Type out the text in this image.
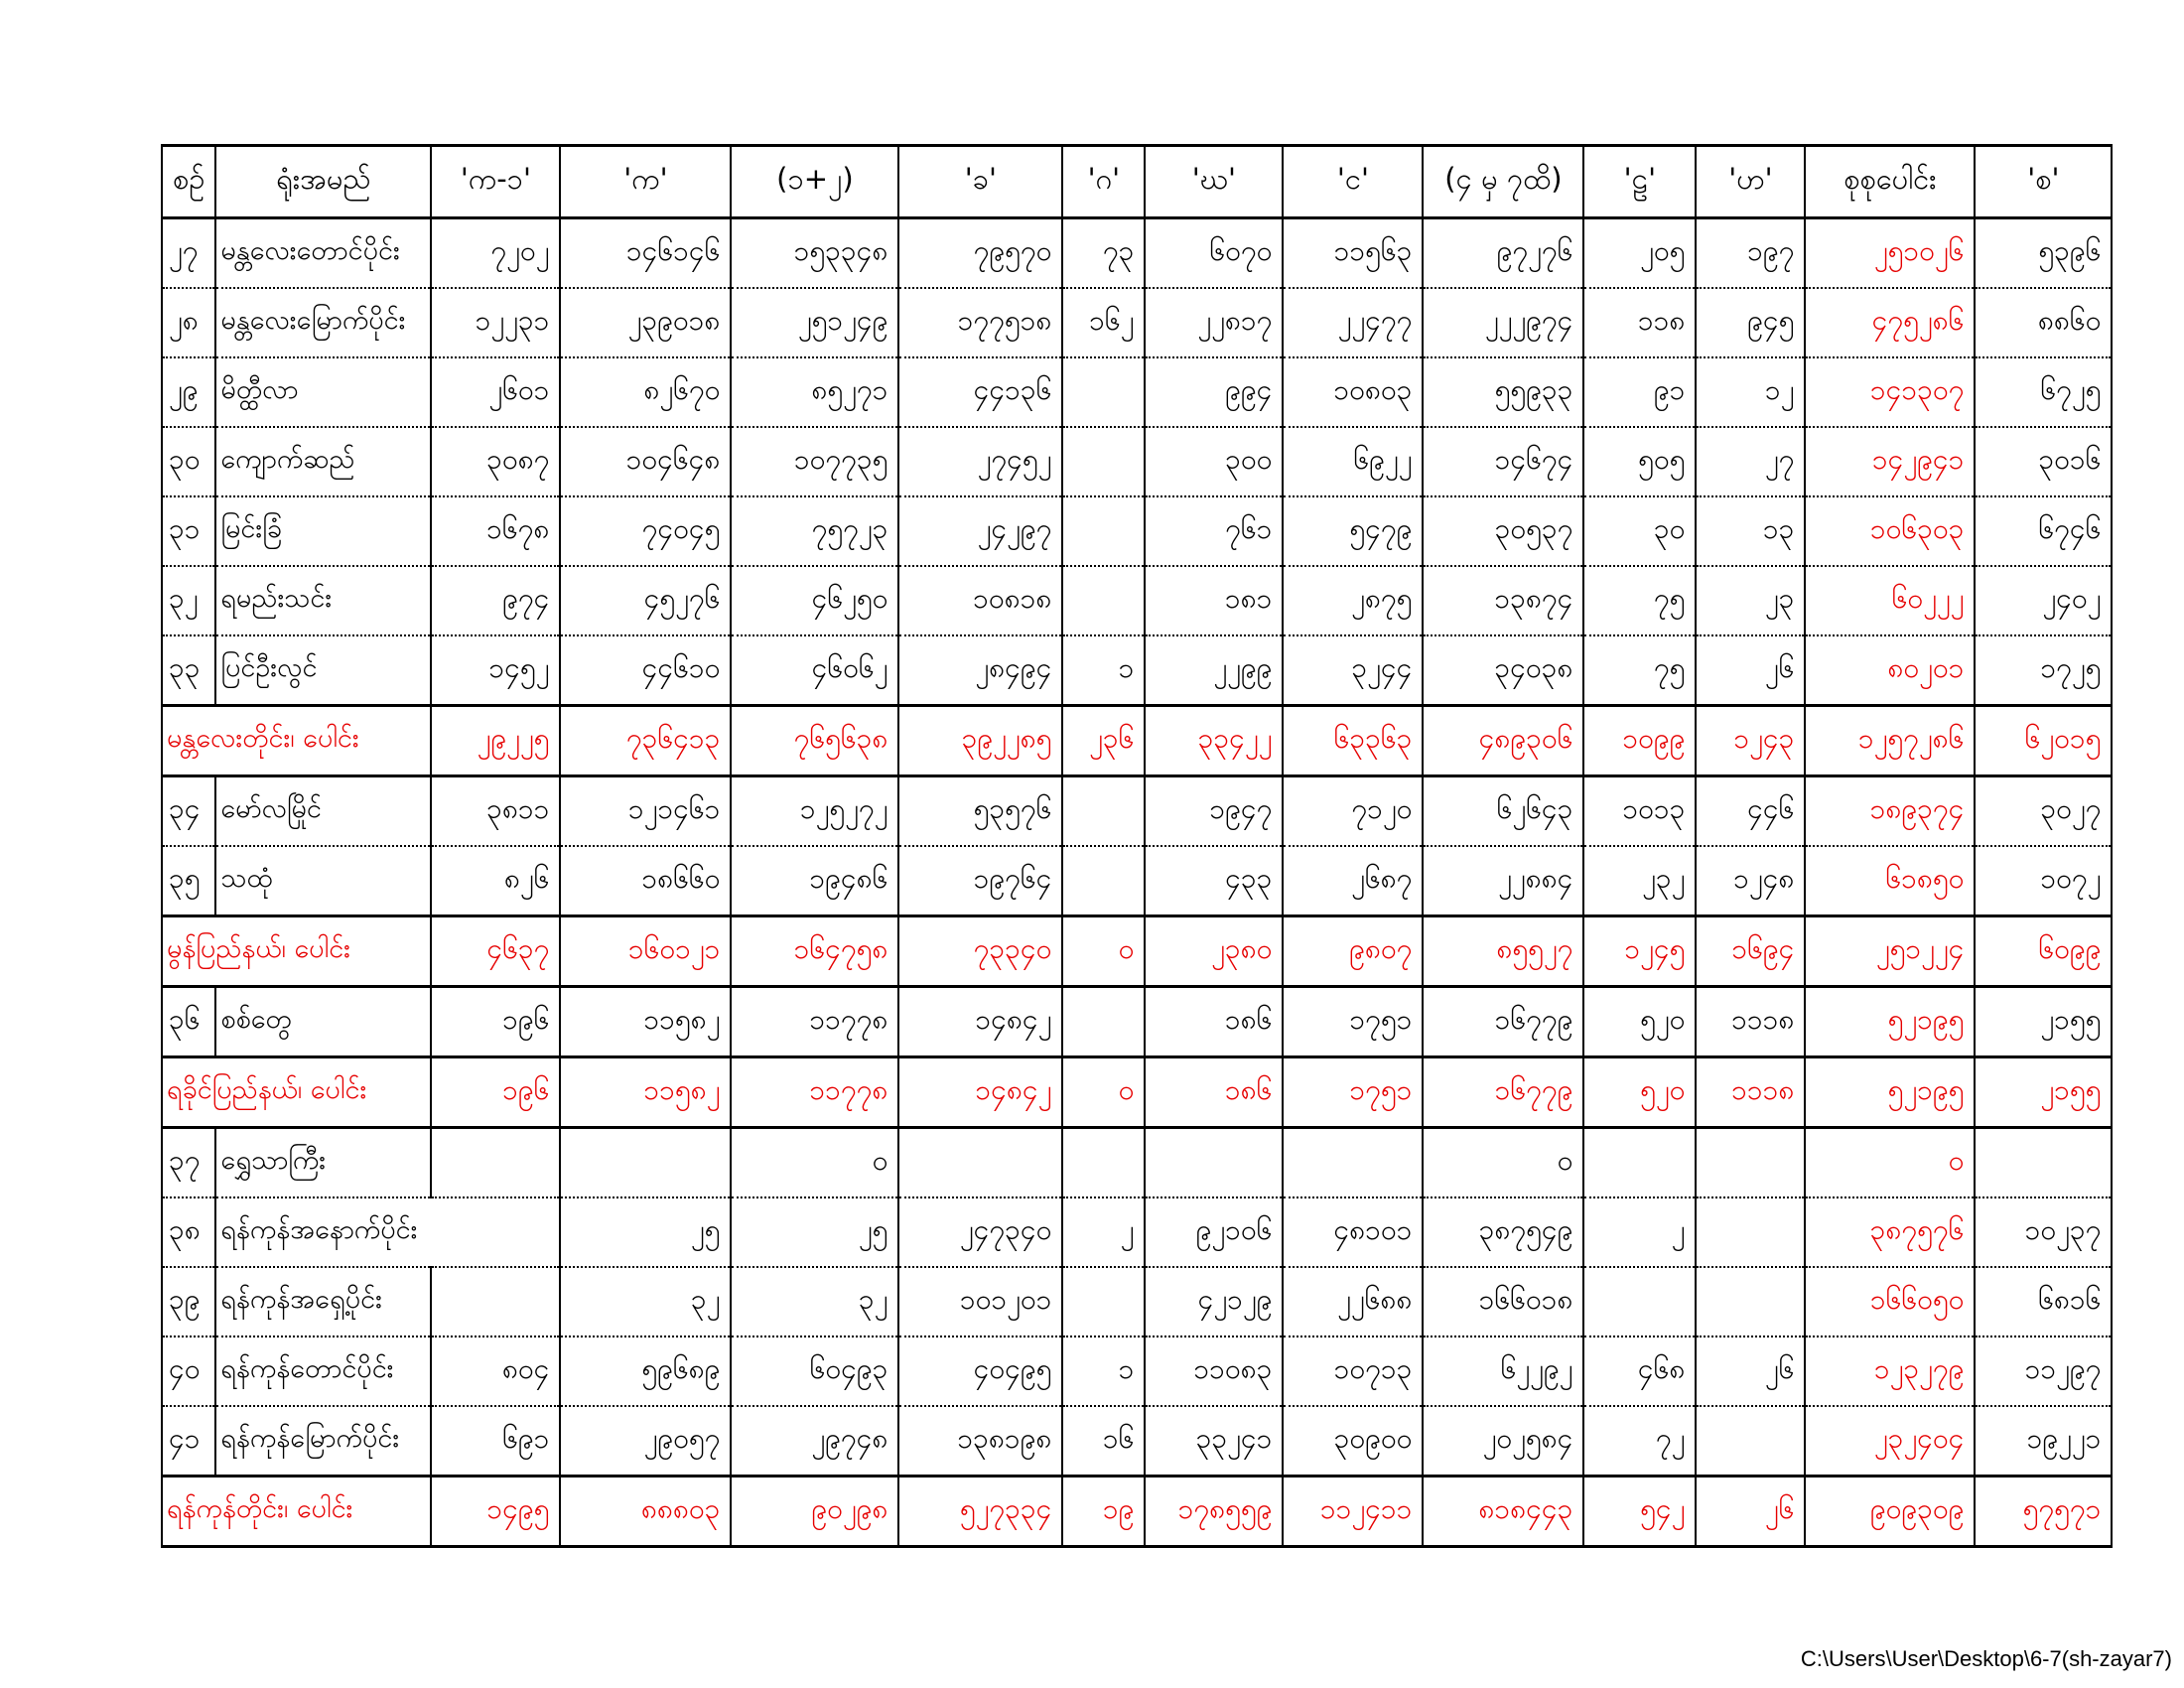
စဉ်	ရုံးအမည်	'က-၁'	'က'	(၁+၂)	'ခ'	'ဂ'	'ဃ'	'င'	(၄ မှ ၇ထိ)	'ဠ'	'ဟ'	စုစုပေါင်း	'စ'
၂၇	မန္တလေးတောင်ပိုင်း	၇၂၀၂	၁၄၆၁၄၆	၁၅၃၃၄၈	၇၉၅၇၀	၇၃	၆၀၇၀	၁၁၅၆၃	၉၇၂၇၆	၂၀၅	၁၉၇	၂၅၁၀၂၆	၅၃၉၆
၂၈	မန္တလေးမြောက်ပိုင်း	၁၂၂၃၁	၂၃၉၀၁၈	၂၅၁၂၄၉	၁၇၇၅၁၈	၁၆၂	၂၂၈၁၇	၂၂၄၇၇	၂၂၂၉၇၄	၁၁၈	၉၄၅	၄၇၅၂၈၆	၈၈၆၀
၂၉	မိတ္ထီလာ	၂၆၀၁	၈၂၆၇၀	၈၅၂၇၁	၄၄၁၃၆		၉၉၄	၁၀၈၀၃	၅၅၉၃၃	၉၁	၁၂	၁၄၁၃၀၇	၆၇၂၅
၃၀	ကျောက်ဆည်	၃၀၈၇	၁၀၄၆၄၈	၁၀၇၇၃၅	၂၇၄၅၂		၃၀၀	၆၉၂၂	၁၄၆၇၄	၅၀၅	၂၇	၁၄၂၉၄၁	၃၀၁၆
၃၁	မြင်းခြံ	၁၆၇၈	၇၄၀၄၅	၇၅၇၂၃	၂၄၂၉၇		၇၆၁	၅၄၇၉	၃၀၅၃၇	၃၀	၁၃	၁၀၆၃၀၃	၆၇၄၆
၃၂	ရမည်းသင်း	၉၇၄	၄၅၂၇၆	၄၆၂၅၀	၁၀၈၁၈		၁၈၁	၂၈၇၅	၁၃၈၇၄	၇၅	၂၃	၆၀၂၂၂	၂၄၀၂
၃၃	ပြင်ဦးလွင်	၁၄၅၂	၄၄၆၁၀	၄၆၀၆၂	၂၈၄၉၄	၁	၂၂၉၉	၃၂၄၄	၃၄၀၃၈	၇၅	၂၆	၈၀၂၀၁	၁၇၂၅
မန္တလေးတိုင်း၊ ပေါင်း		၂၉၂၂၅	၇၃၆၄၁၃	၇၆၅၆၃၈	၃၉၂၂၈၅	၂၃၆	၃၃၄၂၂	၆၃၃၆၃	၄၈၉၃၀၆	၁၀၉၉	၁၂၄၃	၁၂၅၇၂၈၆	၆၂၀၁၅
၃၄	မော်လမြိုင်	၃၈၁၁	၁၂၁၄၆၁	၁၂၅၂၇၂	၅၃၅၇၆		၁၉၄၇	၇၁၂၀	၆၂၆၄၃	၁၀၁၃	၄၄၆	၁၈၉၃၇၄	၃၀၂၇
၃၅	သထုံ	၈၂၆	၁၈၆၆၀	၁၉၄၈၆	၁၉၇၆၄		၄၃၃	၂၆၈၇	၂၂၈၈၄	၂၃၂	၁၂၄၈	၆၁၈၅၀	၁၀၇၂
မွန်ပြည်နယ်၊ ပေါင်း		၄၆၃၇	၁၆၀၁၂၁	၁၆၄၇၅၈	၇၃၃၄၀	၀	၂၃၈၀	၉၈၀၇	၈၅၅၂၇	၁၂၄၅	၁၆၉၄	၂၅၁၂၂၄	၆၀၉၉
၃၆	စစ်တွေ	၁၉၆	၁၁၅၈၂	၁၁၇၇၈	၁၄၈၄၂		၁၈၆	၁၇၅၁	၁၆၇၇၉	၅၂၀	၁၁၁၈	၅၂၁၉၅	၂၁၅၅
ရခိုင်ပြည်နယ်၊ ပေါင်း		၁၉၆	၁၁၅၈၂	၁၁၇၇၈	၁၄၈၄၂	၀	၁၈၆	၁၇၅၁	၁၆၇၇၉	၅၂၀	၁၁၁၈	၅၂၁၉၅	၂၁၅၅
၃၇	ရွှေသာကြီး			၀					၀			၀	
၃၈	ရန်ကုန်အနောက်ပိုင်း		၂၅	၂၅	၂၄၇၃၄၀	၂	၉၂၁၀၆	၄၈၁၀၁	၃၈၇၅၄၉	၂		၃၈၇၅၇၆	၁၀၂၃၇
၃၉	ရန်ကုန်အရှေ့ပိုင်း		၃၂	၃၂	၁၀၁၂၀၁		၄၂၁၂၉	၂၂၆၈၈	၁၆၆၀၁၈			၁၆၆၀၅၀	၆၈၁၆
၄၀	ရန်ကုန်တောင်ပိုင်း	၈၀၄	၅၉၆၈၉	၆၀၄၉၃	၄၀၄၉၅	၁	၁၁၀၈၃	၁၀၇၁၃	၆၂၂၉၂	၄၆၈	၂၆	၁၂၃၂၇၉	၁၁၂၉၇
၄၁	ရန်ကုန်မြောက်ပိုင်း	၆၉၁	၂၉၀၅၇	၂၉၇၄၈	၁၃၈၁၉၈	၁၆	၃၃၂၄၁	၃၀၉၀၀	၂၀၂၅၈၄	၇၂		၂၃၂၄၀၄	၁၉၂၂၁
ရန်ကုန်တိုင်း၊ ပေါင်း		၁၄၉၅	၈၈၈၀၃	၉၀၂၉၈	၅၂၇၃၃၄	၁၉	၁၇၈၅၅၉	၁၁၂၄၁၁	၈၁၈၄၄၃	၅၄၂	၂၆	၉၀၉၃၀၉	၅၇၅၇၁
C:\Users\User\Desktop\6-7(sh-zayar7)
